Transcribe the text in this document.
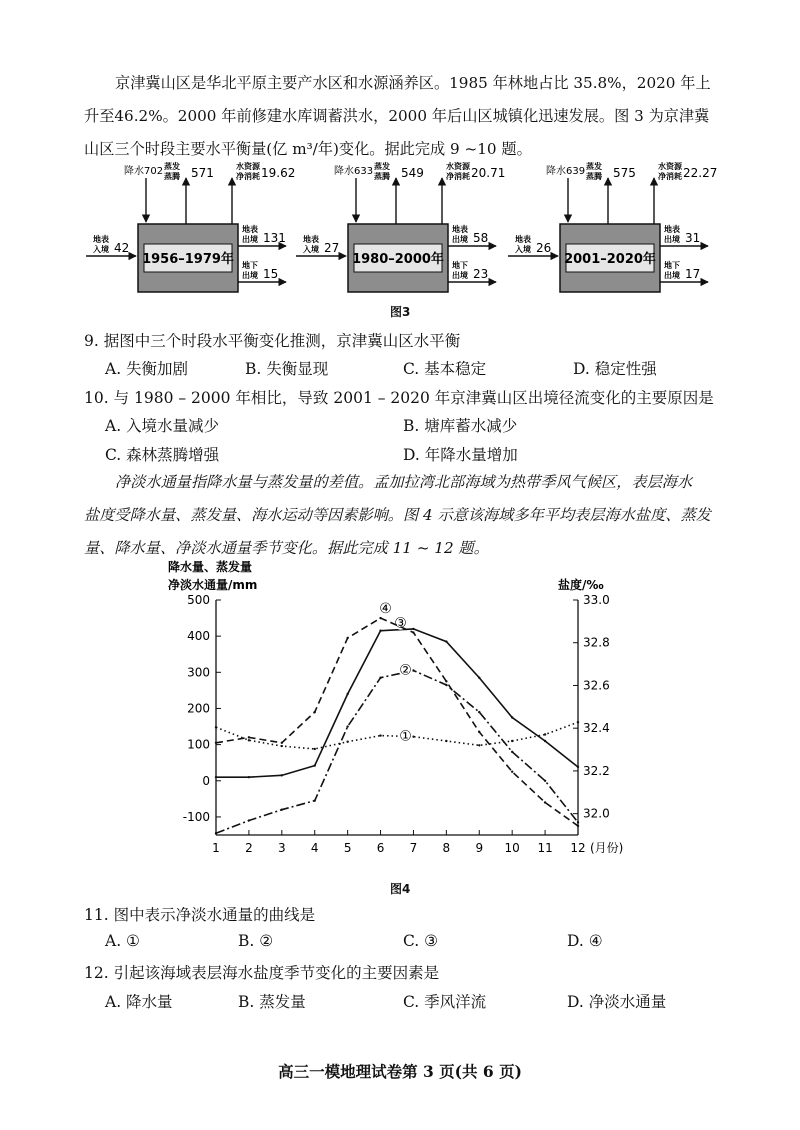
京津冀山区是华北平原主要产水区和水源涵养区。1985 年林地占比 35.8%，2020 年上
升至46.2%。2000 年前修建水库调蓄洪水，2000 年后山区城镇化迅速发展。图 3 为京津冀
山区三个时段主要水平衡量(亿 m³/年)变化。据此完成 9 ~10 题。
1956–1979年
降水702 蒸发
蒸腾 571	水资源
净消耗 19.62
地表
入境 42
地表
出境 131
地下
出境 15
1980–2000年
降水633 蒸发
蒸腾 549	水资源
净消耗 20.71
地表
入境 27
地表
出境 58
地下
出境 23
2001–2020年
降水639 蒸发
蒸腾 575	水资源
净消耗 22.27
地表
入境 26
地表
出境 31
地下
出境 17
图3
9. 据图中三个时段水平衡变化推测，京津冀山区水平衡
A. 失衡加剧	B. 失衡显现	C. 基本稳定	D. 稳定性强
10. 与 1980 – 2000 年相比，导致 2001 – 2020 年京津冀山区出境径流变化的主要原因是
A. 入境水量减少	B. 塘库蓄水减少
C. 森林蒸腾增强	D. 年降水量增加
净淡水通量指降水量与蒸发量的差值。孟加拉湾北部海域为热带季风气候区，表层海水
盐度受降水量、蒸发量、海水运动等因素影响。图 4 示意该海域多年平均表层海水盐度、蒸发
量、降水量、净淡水通量季节变化。据此完成 11 ~ 12 题。
降水量、蒸发量
净淡水通量/mm	盐度/‰
500
400
300
200
100
0
-100
33.0
32.8
32.6
32.4
32.2
32.0
1 2 3 4 5 6 7 8 9 10 11 12 (月份)
①
②
③
④
图4
11. 图中表示净淡水通量的曲线是
A. ①	B. ②	C. ③	D. ④
12. 引起该海域表层海水盐度季节变化的主要因素是
A. 降水量	B. 蒸发量	C. 季风洋流	D. 净淡水通量
高三一模地理试卷第 3 页(共 6 页)
